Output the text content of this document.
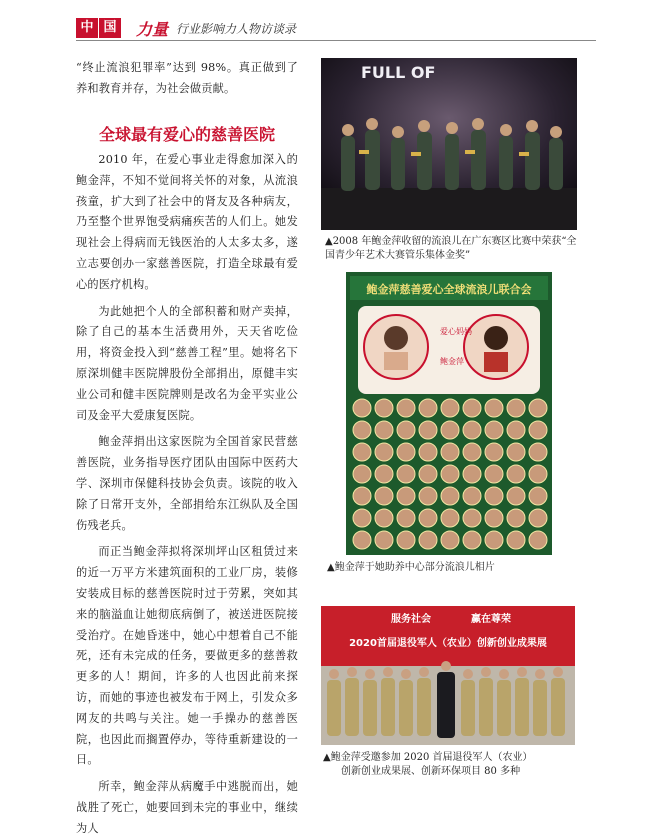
中 国 力量 行业影响力人物访谈录

“终止流浪犯罪率”达到 98%。真正做到了养和教育并存，为社会做贡献。

全球最有爱心的慈善医院

2010 年，在爱心事业走得愈加深入的鲍金萍，不知不觉间将关怀的对象，从流浪孩童，扩大到了社会中的肾友及各种病友，乃至整个世界饱受病痛疾苦的人们上。她发现社会上得病而无钱医治的人太多太多，遂立志要创办一家慈善医院，打造全球最有爱心的医疗机构。

为此她把个人的全部积蓄和财产卖掉，除了自己的基本生活费用外，天天省吃俭用，将资金投入到“慈善工程”里。她将名下原深圳健丰医院牌股份全部捐出，原健丰实业公司和健丰医院牌则是改名为金平实业公司及金平大爱康复医院。

鲍金萍捐出这家医院为全国首家民营慈善医院，业务指导医疗团队由国际中医药大学、深圳市保健科技协会负责。该院的收入除了日常开支外，全部捐给东江纵队及全国伤残老兵。

而正当鲍金萍拟将深圳坪山区租赁过来的近一万平方米建筑面积的工业厂房，装修安装成目标的慈善医院时过于劳累，突如其来的脑溢血让她彻底病倒了，被送进医院接受治疗。在她昏迷中，她心中想着自己不能死，还有未完成的任务，要做更多的慈善救更多的人！期间，许多的人也因此前来探访，而她的事迹也被发布于网上，引发众多网友的共鸣与关注。她一手操办的慈善医院，也因此而搁置停办，等待重新建设的一日。

所幸，鲍金萍从病魔手中逃脱而出，她战胜了死亡，她要回到未完的事业中，继续为人

FULL OF
▲2008 年鲍金萍收留的流浪儿在广东赛区比赛中荣获“全国青少年艺术大赛管乐集体金奖”
鲍金萍慈善爱心全球流浪儿联合会
爱心妈妈
鲍金萍
▲鲍金萍于她助养中心部分流浪儿相片
服务社会	赢在尊荣
2020首届退役军人（农业）创新创业成果展
▲鲍金萍受邀参加 2020 首届退役军人（农业）
创新创业成果展、创新环保项目 80 多种
